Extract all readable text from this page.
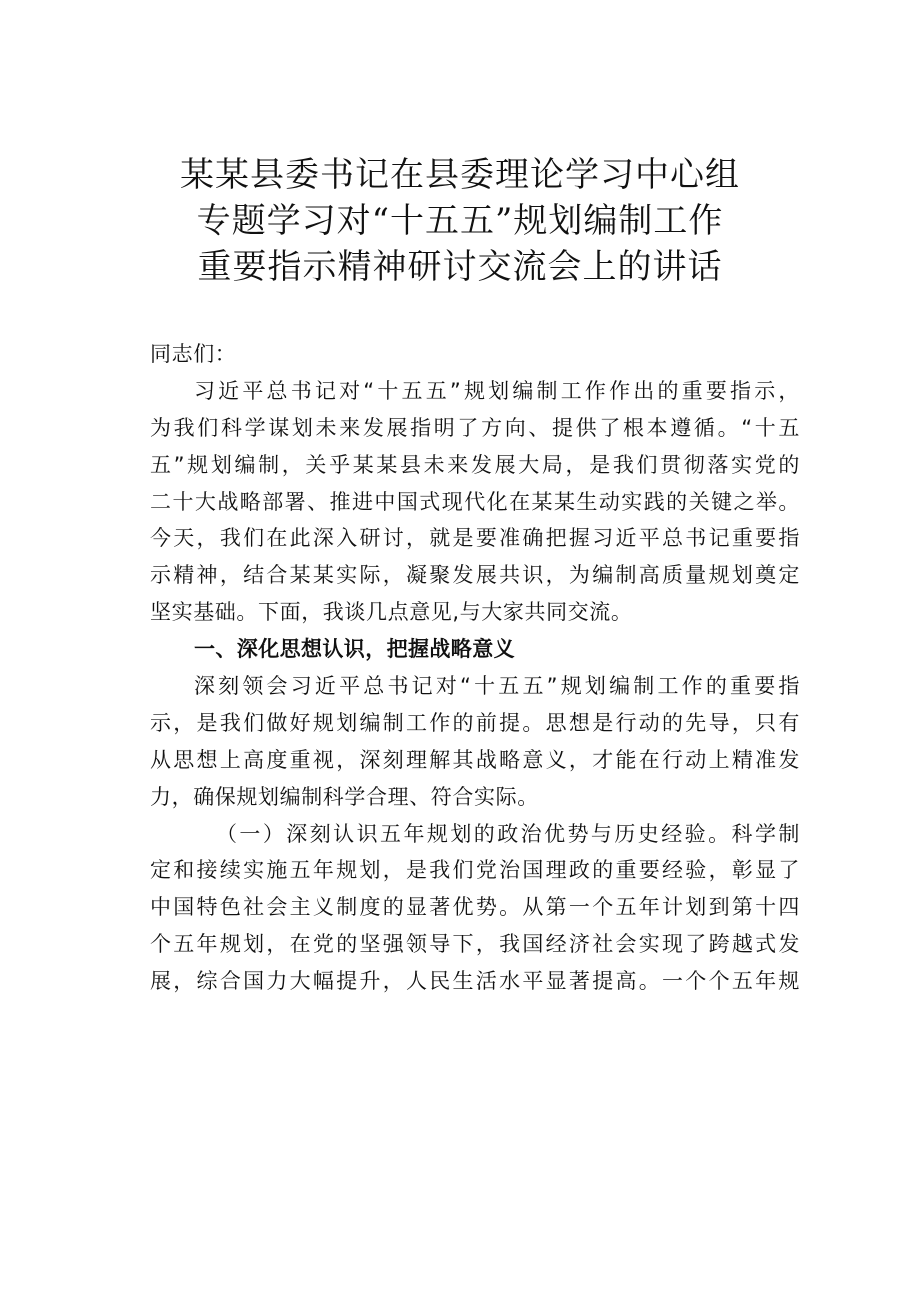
某某县委书记在县委理论学习中心组
专题学习对“十五五”规划编制工作
重要指示精神研讨交流会上的讲话
同志们：
习近平总书记对“十五五”规划编制工作作出的重要指示，
为我们科学谋划未来发展指明了方向、提供了根本遵循。“十五
五”规划编制，关乎某某县未来发展大局，是我们贯彻落实党的
二十大战略部署、推进中国式现代化在某某生动实践的关键之举。
今天，我们在此深入研讨，就是要准确把握习近平总书记重要指
示精神，结合某某实际，凝聚发展共识，为编制高质量规划奠定
坚实基础。下面，我谈几点意见,与大家共同交流。
一、深化思想认识，把握战略意义
深刻领会习近平总书记对“十五五”规划编制工作的重要指
示，是我们做好规划编制工作的前提。思想是行动的先导，只有
从思想上高度重视，深刻理解其战略意义，才能在行动上精准发
力，确保规划编制科学合理、符合实际。
（一）深刻认识五年规划的政治优势与历史经验。科学制
定和接续实施五年规划，是我们党治国理政的重要经验，彰显了
中国特色社会主义制度的显著优势。从第一个五年计划到第十四
个五年规划，在党的坚强领导下，我国经济社会实现了跨越式发
展，综合国力大幅提升，人民生活水平显著提高。一个个五年规
